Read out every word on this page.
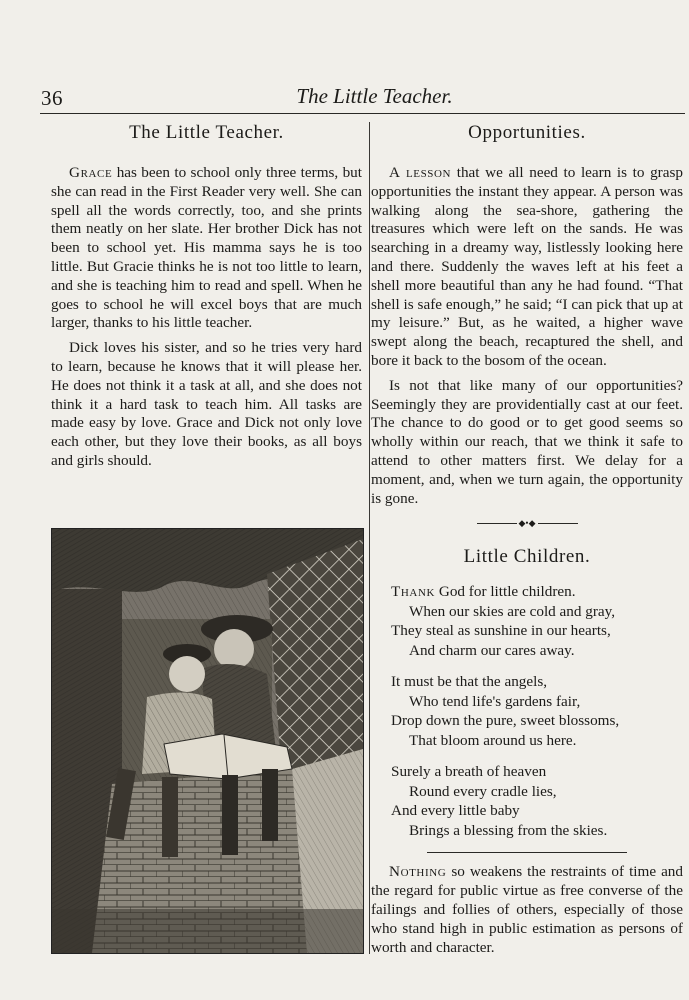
36	The Little Teacher.
The Little Teacher.

Grace has been to school only three terms, but she can read in the First Reader very well. She can spell all the words correctly, too, and she prints them neatly on her slate. Her brother Dick has not been to school yet. His mamma says he is too little. But Gracie thinks he is not too little to learn, and she is teaching him to read and spell. When he goes to school he will excel boys that are much larger, thanks to his little teacher.

Dick loves his sister, and so he tries very hard to learn, because he knows that it will please her. He does not think it a task at all, and she does not think it a hard task to teach him. All tasks are made easy by love. Grace and Dick not only love each other, but they love their books, as all boys and girls should.

Opportunities.

A lesson that we all need to learn is to grasp opportunities the instant they appear. A person was walking along the sea-shore, gathering the treasures which were left on the sands. He was searching in a dreamy way, listlessly looking here and there. Suddenly the waves left at his feet a shell more beautiful than any he had found. “That shell is safe enough,” he said; “I can pick that up at my leisure.” But, as he waited, a higher wave swept along the beach, recaptured the shell, and bore it back to the bosom of the ocean.

Is not that like many of our opportunities? Seemingly they are providentially cast at our feet. The chance to do good or to get good seems so wholly within our reach, that we think it safe to attend to other matters first. We delay for a moment, and, when we turn again, the opportunity is gone.

◆•◆
Little Children.
Thank God for little children.
When our skies are cold and gray,
They steal as sunshine in our hearts,
And charm our cares away.
It must be that the angels,
Who tend life's gardens fair,
Drop down the pure, sweet blossoms,
That bloom around us here.
Surely a breath of heaven
Round every cradle lies,
And every little baby
Brings a blessing from the skies.

Nothing so weakens the restraints of time and the regard for public virtue as free converse of the failings and follies of others, especially of those who stand high in public estimation as persons of worth and character.
